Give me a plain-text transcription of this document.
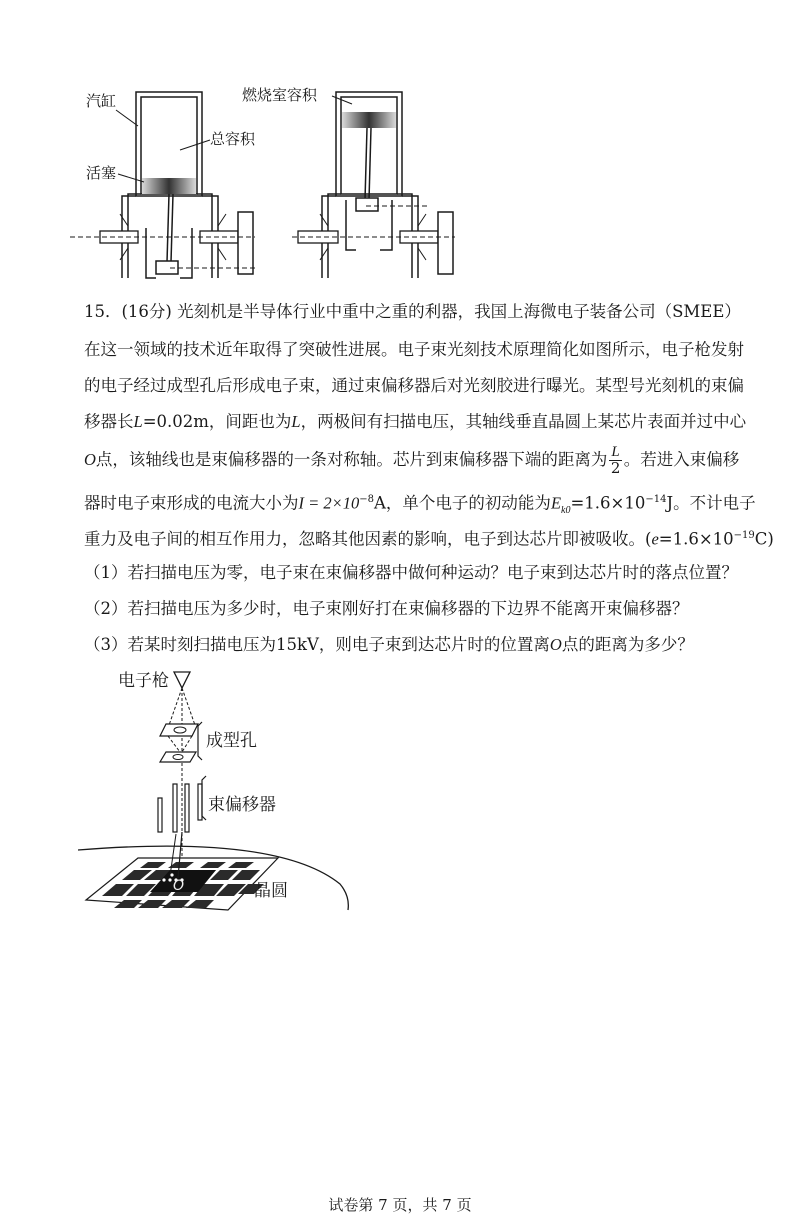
汽缸
总容积
活塞
燃烧室容积
15．(16分) 光刻机是半导体行业中重中之重的利器，我国上海微电子装备公司（SMEE）
在这一领域的技术近年取得了突破性进展。电子束光刻技术原理简化如图所示，电子枪发射
的电子经过成型孔后形成电子束，通过束偏移器后对光刻胶进行曝光。某型号光刻机的束偏
移器长L=0.02m，间距也为L，两极间有扫描电压，其轴线垂直晶圆上某芯片表面并过中心
O点，该轴线也是束偏移器的一条对称轴。芯片到束偏移器下端的距离为 $\frac{L}{2}$ 。若进入束偏移
器时电子束形成的电流大小为$I = 2\times 10^{-8}A$，单个电子的初动能为$E_{k0}=1.6\times 10^{-14}J$。不计电子
重力及电子间的相互作用力，忽略其他因素的影响，电子到达芯片即被吸收。$(e=1.6\times 10^{-19}C)$
（1）若扫描电压为零，电子束在束偏移器中做何种运动？电子束到达芯片时的落点位置？
（2）若扫描电压为多少时，电子束刚好打在束偏移器的下边界不能离开束偏移器？
（3）若某时刻扫描电压为15kV，则电子束到达芯片时的位置离O点的距离为多少？
电子枪
成型孔
束偏移器
O	晶圆
试卷第 7 页，共 7 页
